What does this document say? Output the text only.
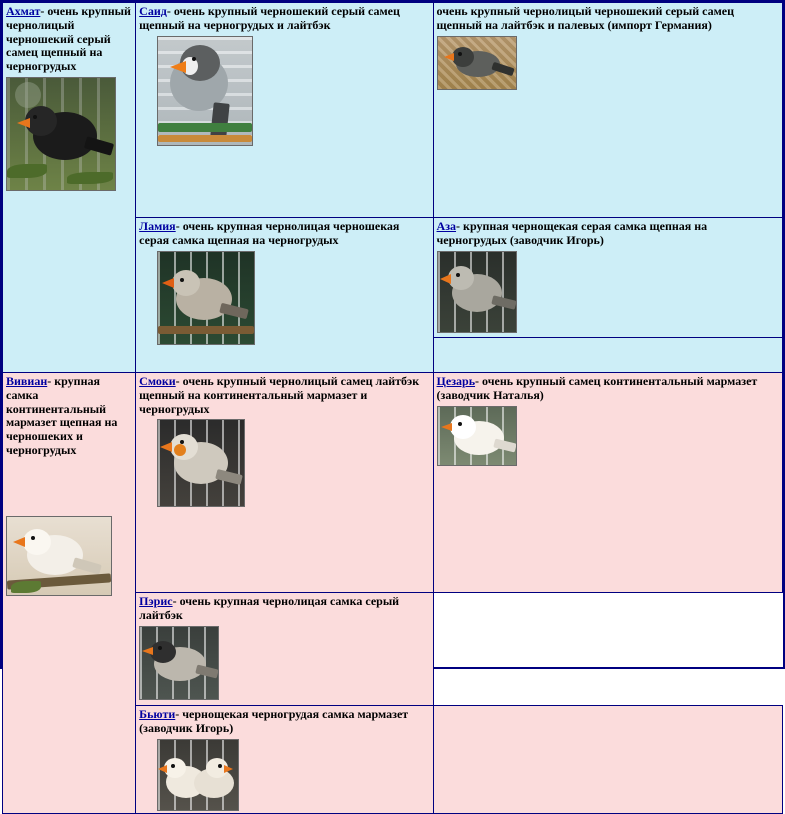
Ахмат- очень крупный чернолицый черношекий серый самец щепный на черногрудых	Саид- очень крупный черношекий серый самец щепный на черногрудых и лайтбэк	очень крупный чернолицый черношекий серый самец щепный на лайтбэк и палевых (импорт Германия)

	Ламия- очень крупная чернолицая черношекая серая самка щепная на черногрудых	Аза- крупная чернощекая серая самка щепная на черногрудых (заводчик Игорь)

Вивиан- крупная самка континентальный мармазет щепная на черношеких и черногрудых	Смоки- очень крупный чернолицый самец лайтбэк щепный на континентальный мармазет и черногрудых	Цезарь- очень крупный самец континентальный мармазет (заводчик Наталья)

	Пэрис- очень крупная чернолицая самка серый лайтбэк	

	Бьюти- чернощекая черногрудая самка мармазет (заводчик Игорь)	
